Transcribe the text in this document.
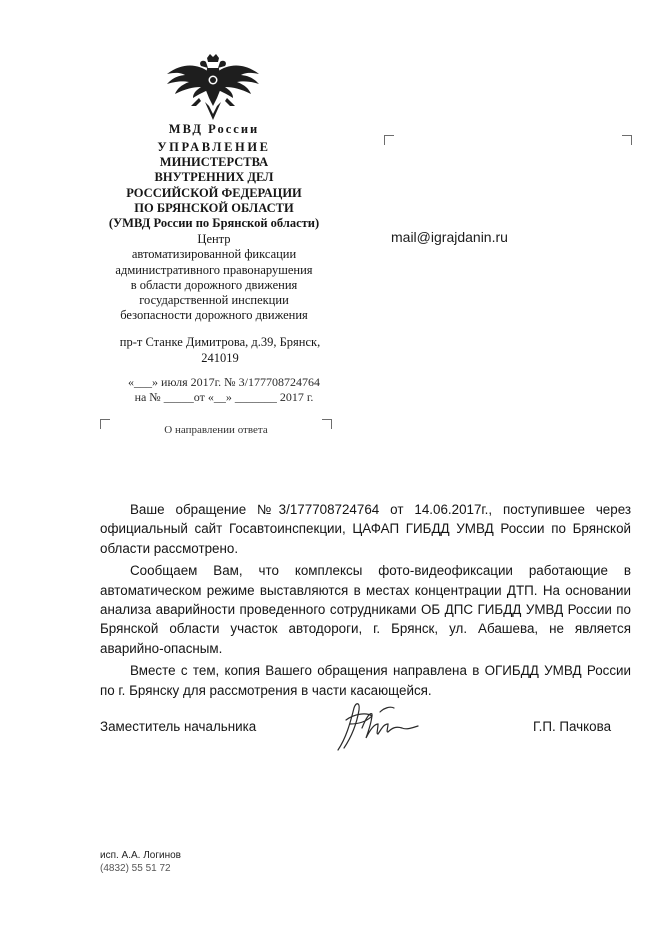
МВД России
УПРАВЛЕНИЕ
МИНИСТЕРСТВА
ВНУТРЕННИХ ДЕЛ
РОССИЙСКОЙ ФЕДЕРАЦИИ
ПО БРЯНСКОЙ ОБЛАСТИ
(УМВД России по Брянской области)
Центр
автоматизированной фиксации
административного правонарушения
в области дорожного движения
государственной инспекции
безопасности дорожного движения
пр-т Станке Димитрова, д.39, Брянск,
241019
«___» июля 2017г. № 3/177708724764
на № _____от «__» _______ 2017 г.
О направлении ответа
mail@igrajdanin.ru

Ваше обращение №3/177708724764 от 14.06.2017г., поступившее через официальный сайт Госавтоинспекции, ЦАФАП ГИБДД УМВД России по Брянской области рассмотрено.

Сообщаем Вам, что комплексы фото-видеофиксации работающие в автоматическом режиме выставляются в местах концентрации ДТП. На основании анализа аварийности проведенного сотрудниками ОБ ДПС ГИБДД УМВД России по Брянской области участок автодороги, г. Брянск, ул. Абашева, не является аварийно-опасным.

Вместе с тем, копия Вашего обращения направлена в ОГИБДД УМВД России по г. Брянску для рассмотрения в части касающейся.

Заместитель начальника	Г.П. Пачкова
исп. А.А. Логинов
(4832) 55 51 72
